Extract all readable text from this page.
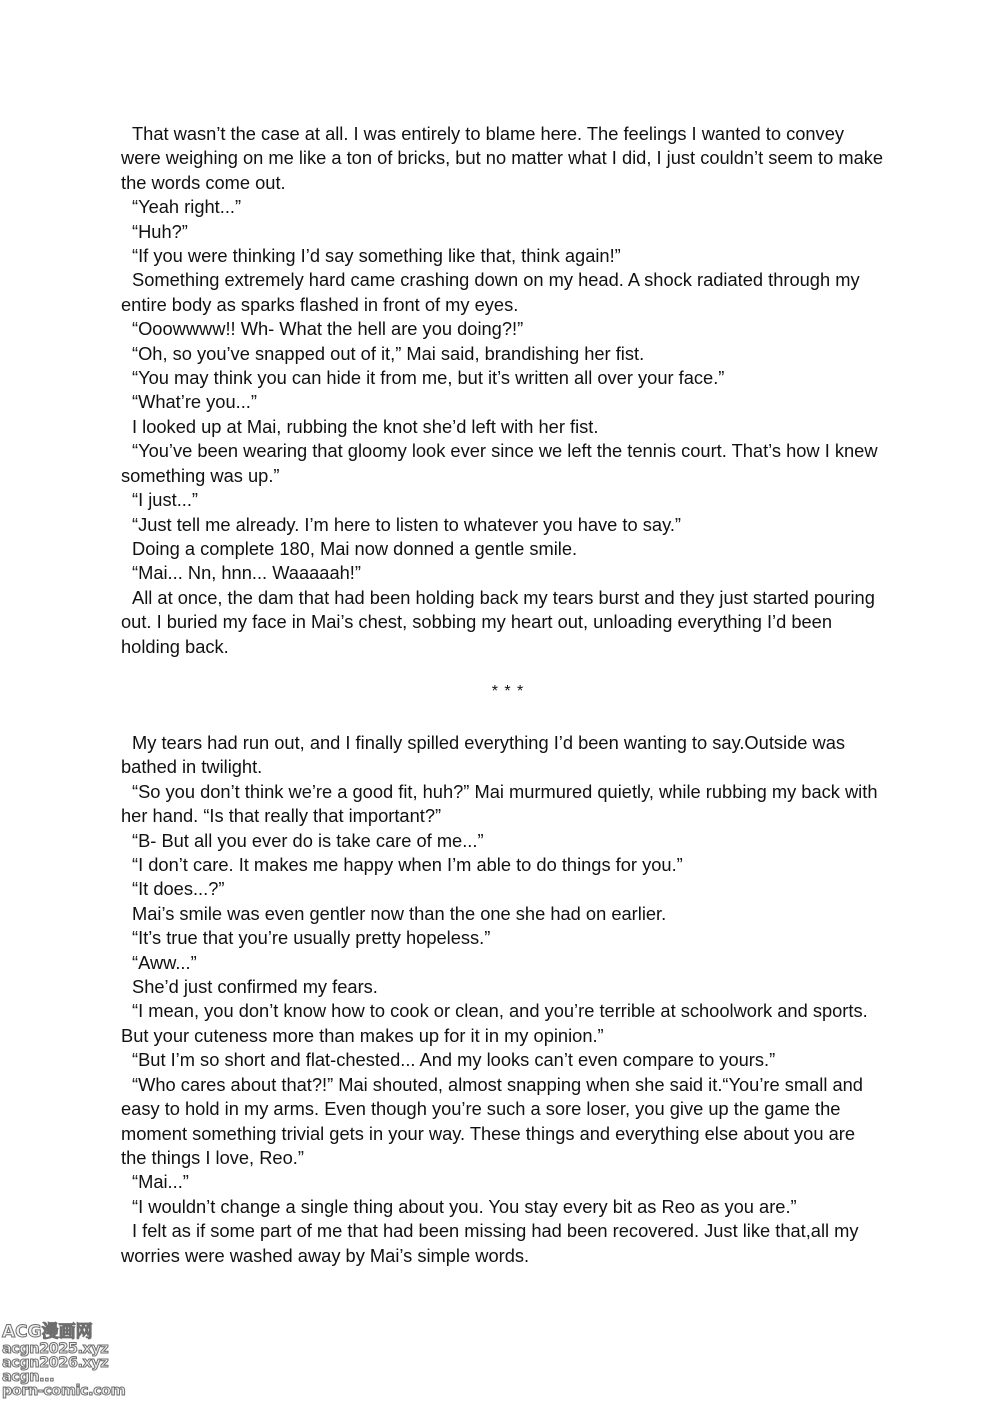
That wasn’t the case at all. I was entirely to blame here. The feelings I wanted to convey were weighing on me like a ton of bricks, but no matter what I did, I just couldn’t seem to make the words come out.

“Yeah right...”

“Huh?”

“If you were thinking I’d say something like that, think again!”

Something extremely hard came crashing down on my head. A shock radiated through my entire body as sparks flashed in front of my eyes.

“Ooowwww!! Wh- What the hell are you doing?!”

“Oh, so you’ve snapped out of it,” Mai said, brandishing her fist.

“You may think you can hide it from me, but it’s written all over your face.”

“What’re you...”

I looked up at Mai, rubbing the knot she’d left with her fist.

“You’ve been wearing that gloomy look ever since we left the tennis court. That’s how I knew something was up.”

“I just...”

“Just tell me already. I’m here to listen to whatever you have to say.”

Doing a complete 180, Mai now donned a gentle smile.

“Mai... Nn, hnn... Waaaaah!”

All at once, the dam that had been holding back my tears burst and they just started pouring out. I buried my face in Mai’s chest, sobbing my heart out, unloading everything I’d been holding back.

* * *

My tears had run out, and I finally spilled everything I’d been wanting to say.Outside was bathed in twilight.

“So you don’t think we’re a good fit, huh?” Mai murmured quietly, while rubbing my back with her hand. “Is that really that important?”

“B- But all you ever do is take care of me...”

“I don’t care. It makes me happy when I’m able to do things for you.”

“It does...?”

Mai’s smile was even gentler now than the one she had on earlier.

“It’s true that you’re usually pretty hopeless.”

“Aww...”

She’d just confirmed my fears.

“I mean, you don’t know how to cook or clean, and you’re terrible at schoolwork and sports. But your cuteness more than makes up for it in my opinion.”

“But I’m so short and flat-chested... And my looks can’t even compare to yours.”

“Who cares about that?!” Mai shouted, almost snapping when she said it.“You’re small and easy to hold in my arms. Even though you’re such a sore loser, you give up the game the moment something trivial gets in your way. These things and everything else about you are the things I love, Reo.”

“Mai...”

“I wouldn’t change a single thing about you. You stay every bit as Reo as you are.”

I felt as if some part of me that had been missing had been recovered. Just like that,all my worries were washed away by Mai’s simple words.

ACG漫画网
acgn2025.xyz
acgn2026.xyz
acgn...
porn-comic.com
